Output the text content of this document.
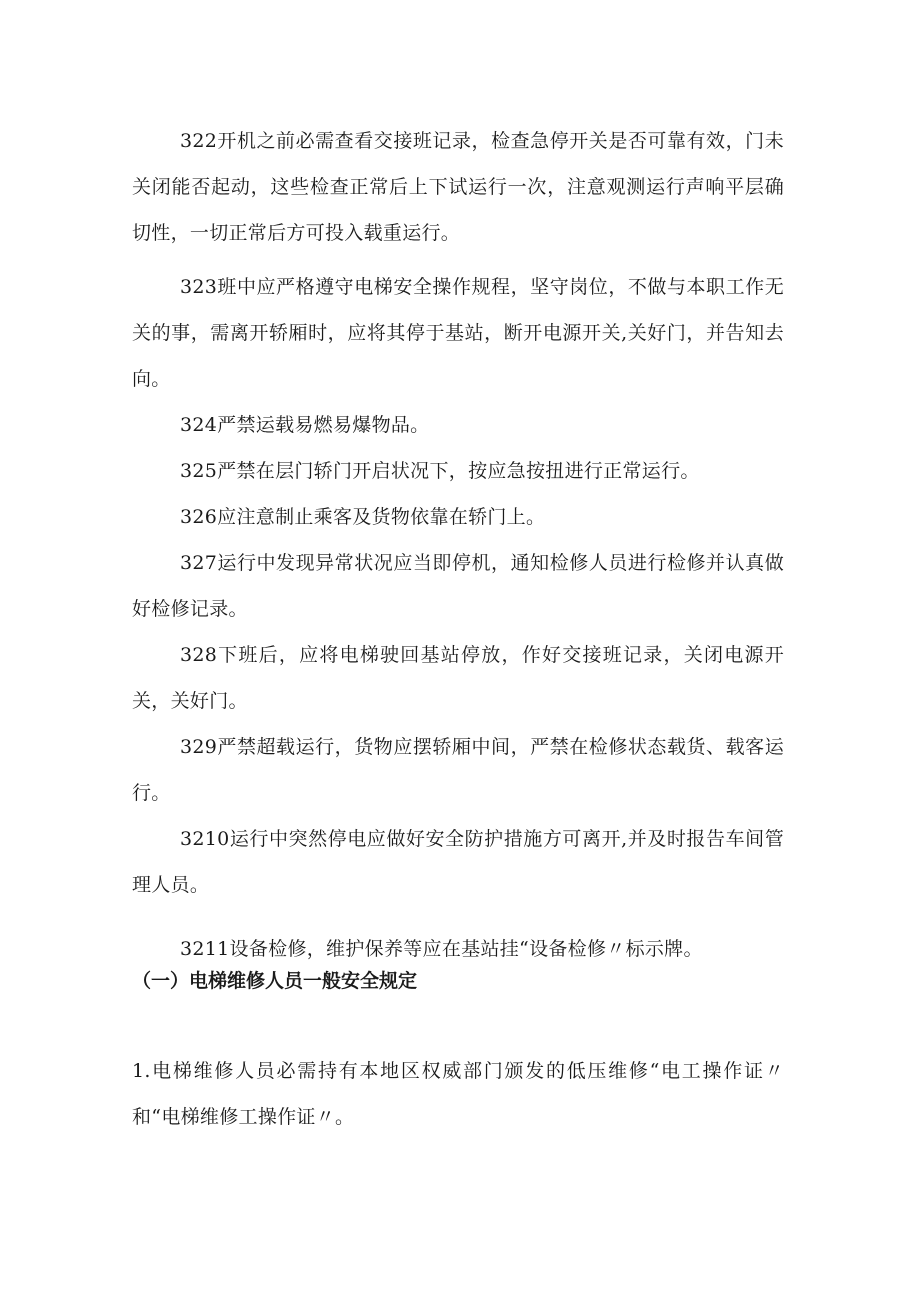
322开机之前必需查看交接班记录，检查急停开关是否可靠有效，门未关闭能否起动，这些检查正常后上下试运行一次，注意观测运行声响平层确切性，一切正常后方可投入载重运行。

323班中应严格遵守电梯安全操作规程，坚守岗位，不做与本职工作无关的事，需离开轿厢时，应将其停于基站，断开电源开关,关好门，并告知去向。

324严禁运载易燃易爆物品。

325严禁在层门轿门开启状况下，按应急按扭进行正常运行。

326应注意制止乘客及货物依靠在轿门上。

327运行中发现异常状况应当即停机，通知检修人员进行检修并认真做好检修记录。

328下班后，应将电梯驶回基站停放，作好交接班记录，关闭电源开关，关好门。

329严禁超载运行，货物应摆轿厢中间，严禁在检修状态载货、载客运行。

3210运行中突然停电应做好安全防护措施方可离开,并及时报告车间管理人员。

3211设备检修，维护保养等应在基站挂“设备检修〃标示牌。

（一）电梯维修人员一般安全规定

1.电梯维修人员必需持有本地区权威部门颁发的低压维修“电工操作证〃和“电梯维修工操作证〃。
